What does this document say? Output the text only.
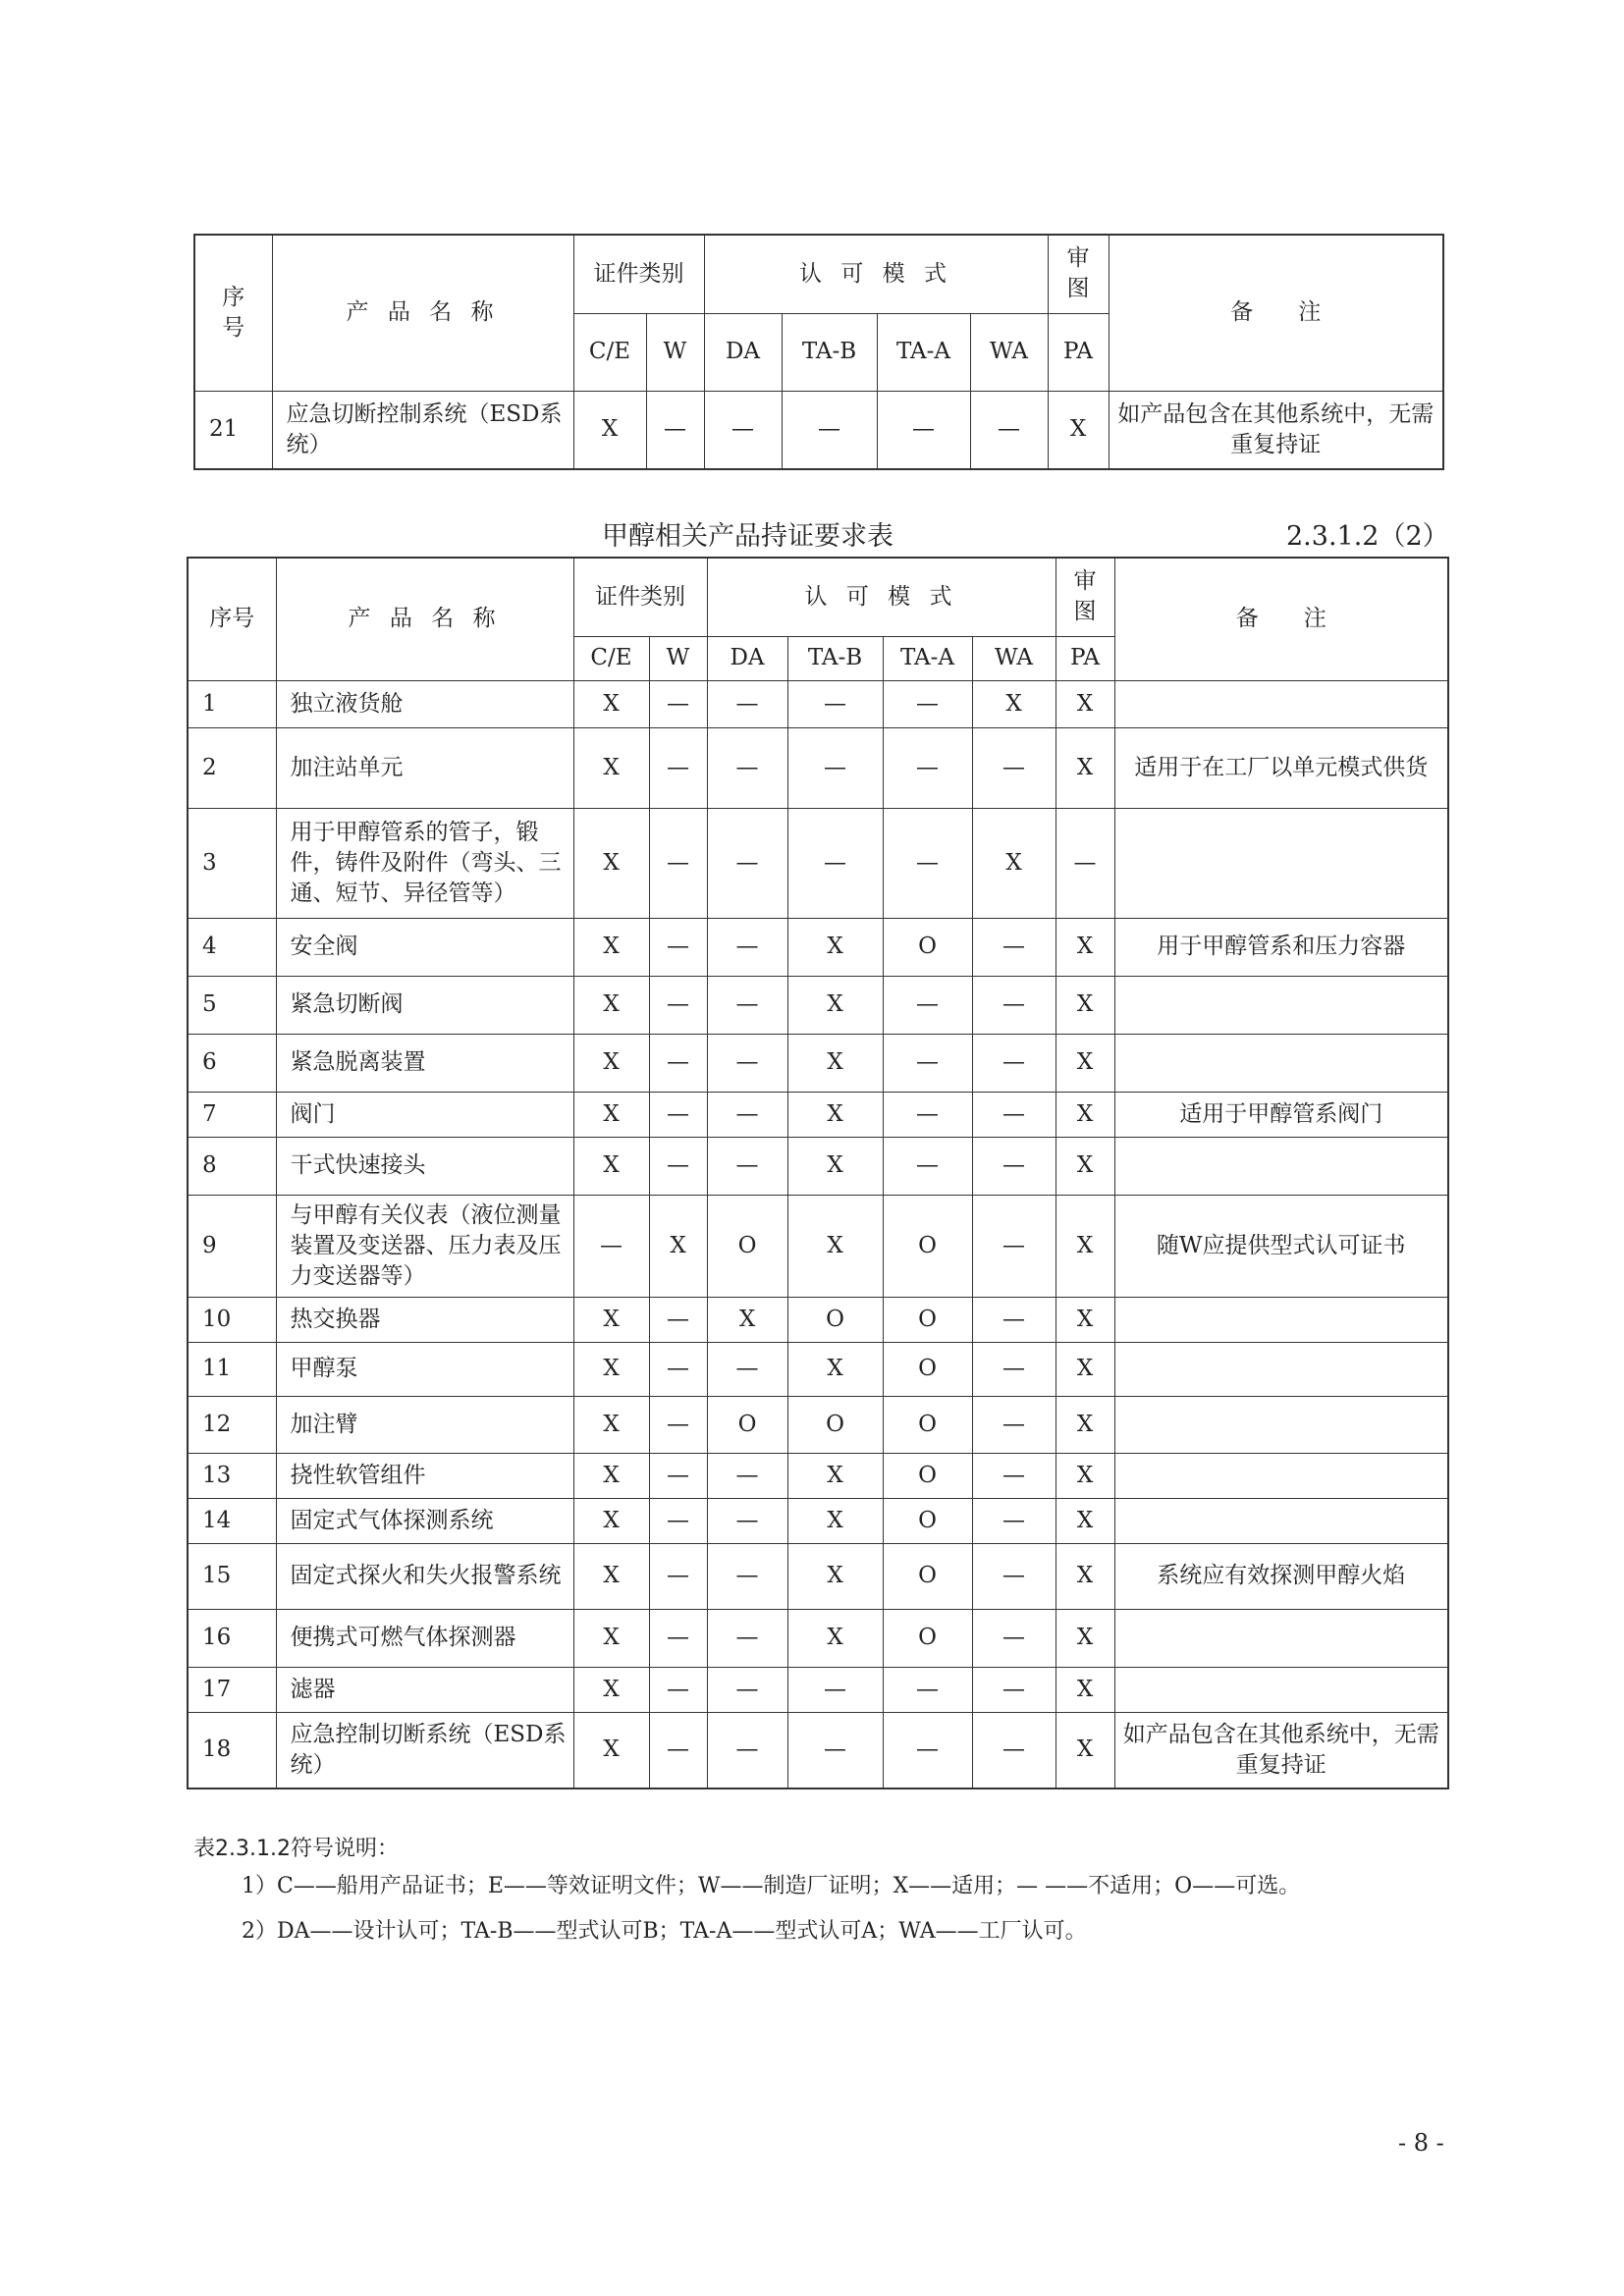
序号	产 品 名 称	证件类别		认 可 模 式				审图	备　　注
		C/E	W	DA	TA-B	TA-A	WA	PA	
21	应急切断控制系统（ESD系统）	X	—	—	—	—	—	X	如产品包含在其他系统中，无需重复持证
甲醇相关产品持证要求表	2.3.1.2（2）
序号	产 品 名 称	证件类别		认 可 模 式				审图	备　　注
		C/E	W	DA	TA-B	TA-A	WA	PA	
1	独立液货舱	X	—	—	—	—	X	X	
2	加注站单元	X	—	—	—	—	—	X	适用于在工厂以单元模式供货
3	用于甲醇管系的管子，锻件，铸件及附件（弯头、三通、短节、异径管等）	X	—	—	—	—	X	—	
4	安全阀	X	—	—	X	O	—	X	用于甲醇管系和压力容器
5	紧急切断阀	X	—	—	X	—	—	X	
6	紧急脱离装置	X	—	—	X	—	—	X	
7	阀门	X	—	—	X	—	—	X	适用于甲醇管系阀门
8	干式快速接头	X	—	—	X	—	—	X	
9	与甲醇有关仪表（液位测量装置及变送器、压力表及压力变送器等）	—	X	O	X	O	—	X	随W应提供型式认可证书
10	热交换器	X	—	X	O	O	—	X	
11	甲醇泵	X	—	—	X	O	—	X	
12	加注臂	X	—	O	O	O	—	X	
13	挠性软管组件	X	—	—	X	O	—	X	
14	固定式气体探测系统	X	—	—	X	O	—	X	
15	固定式探火和失火报警系统	X	—	—	X	O	—	X	系统应有效探测甲醇火焰
16	便携式可燃气体探测器	X	—	—	X	O	—	X	
17	滤器	X	—	—	—	—	—	X	
18	应急控制切断系统（ESD系统）	X	—	—	—	—	—	X	如产品包含在其他系统中，无需重复持证
表2.3.1.2符号说明：
1）C——船用产品证书；E——等效证明文件；W——制造厂证明；X——适用；— ——不适用；O——可选。
2）DA——设计认可；TA-B——型式认可B；TA-A——型式认可A；WA——工厂认可。
- 8 -
